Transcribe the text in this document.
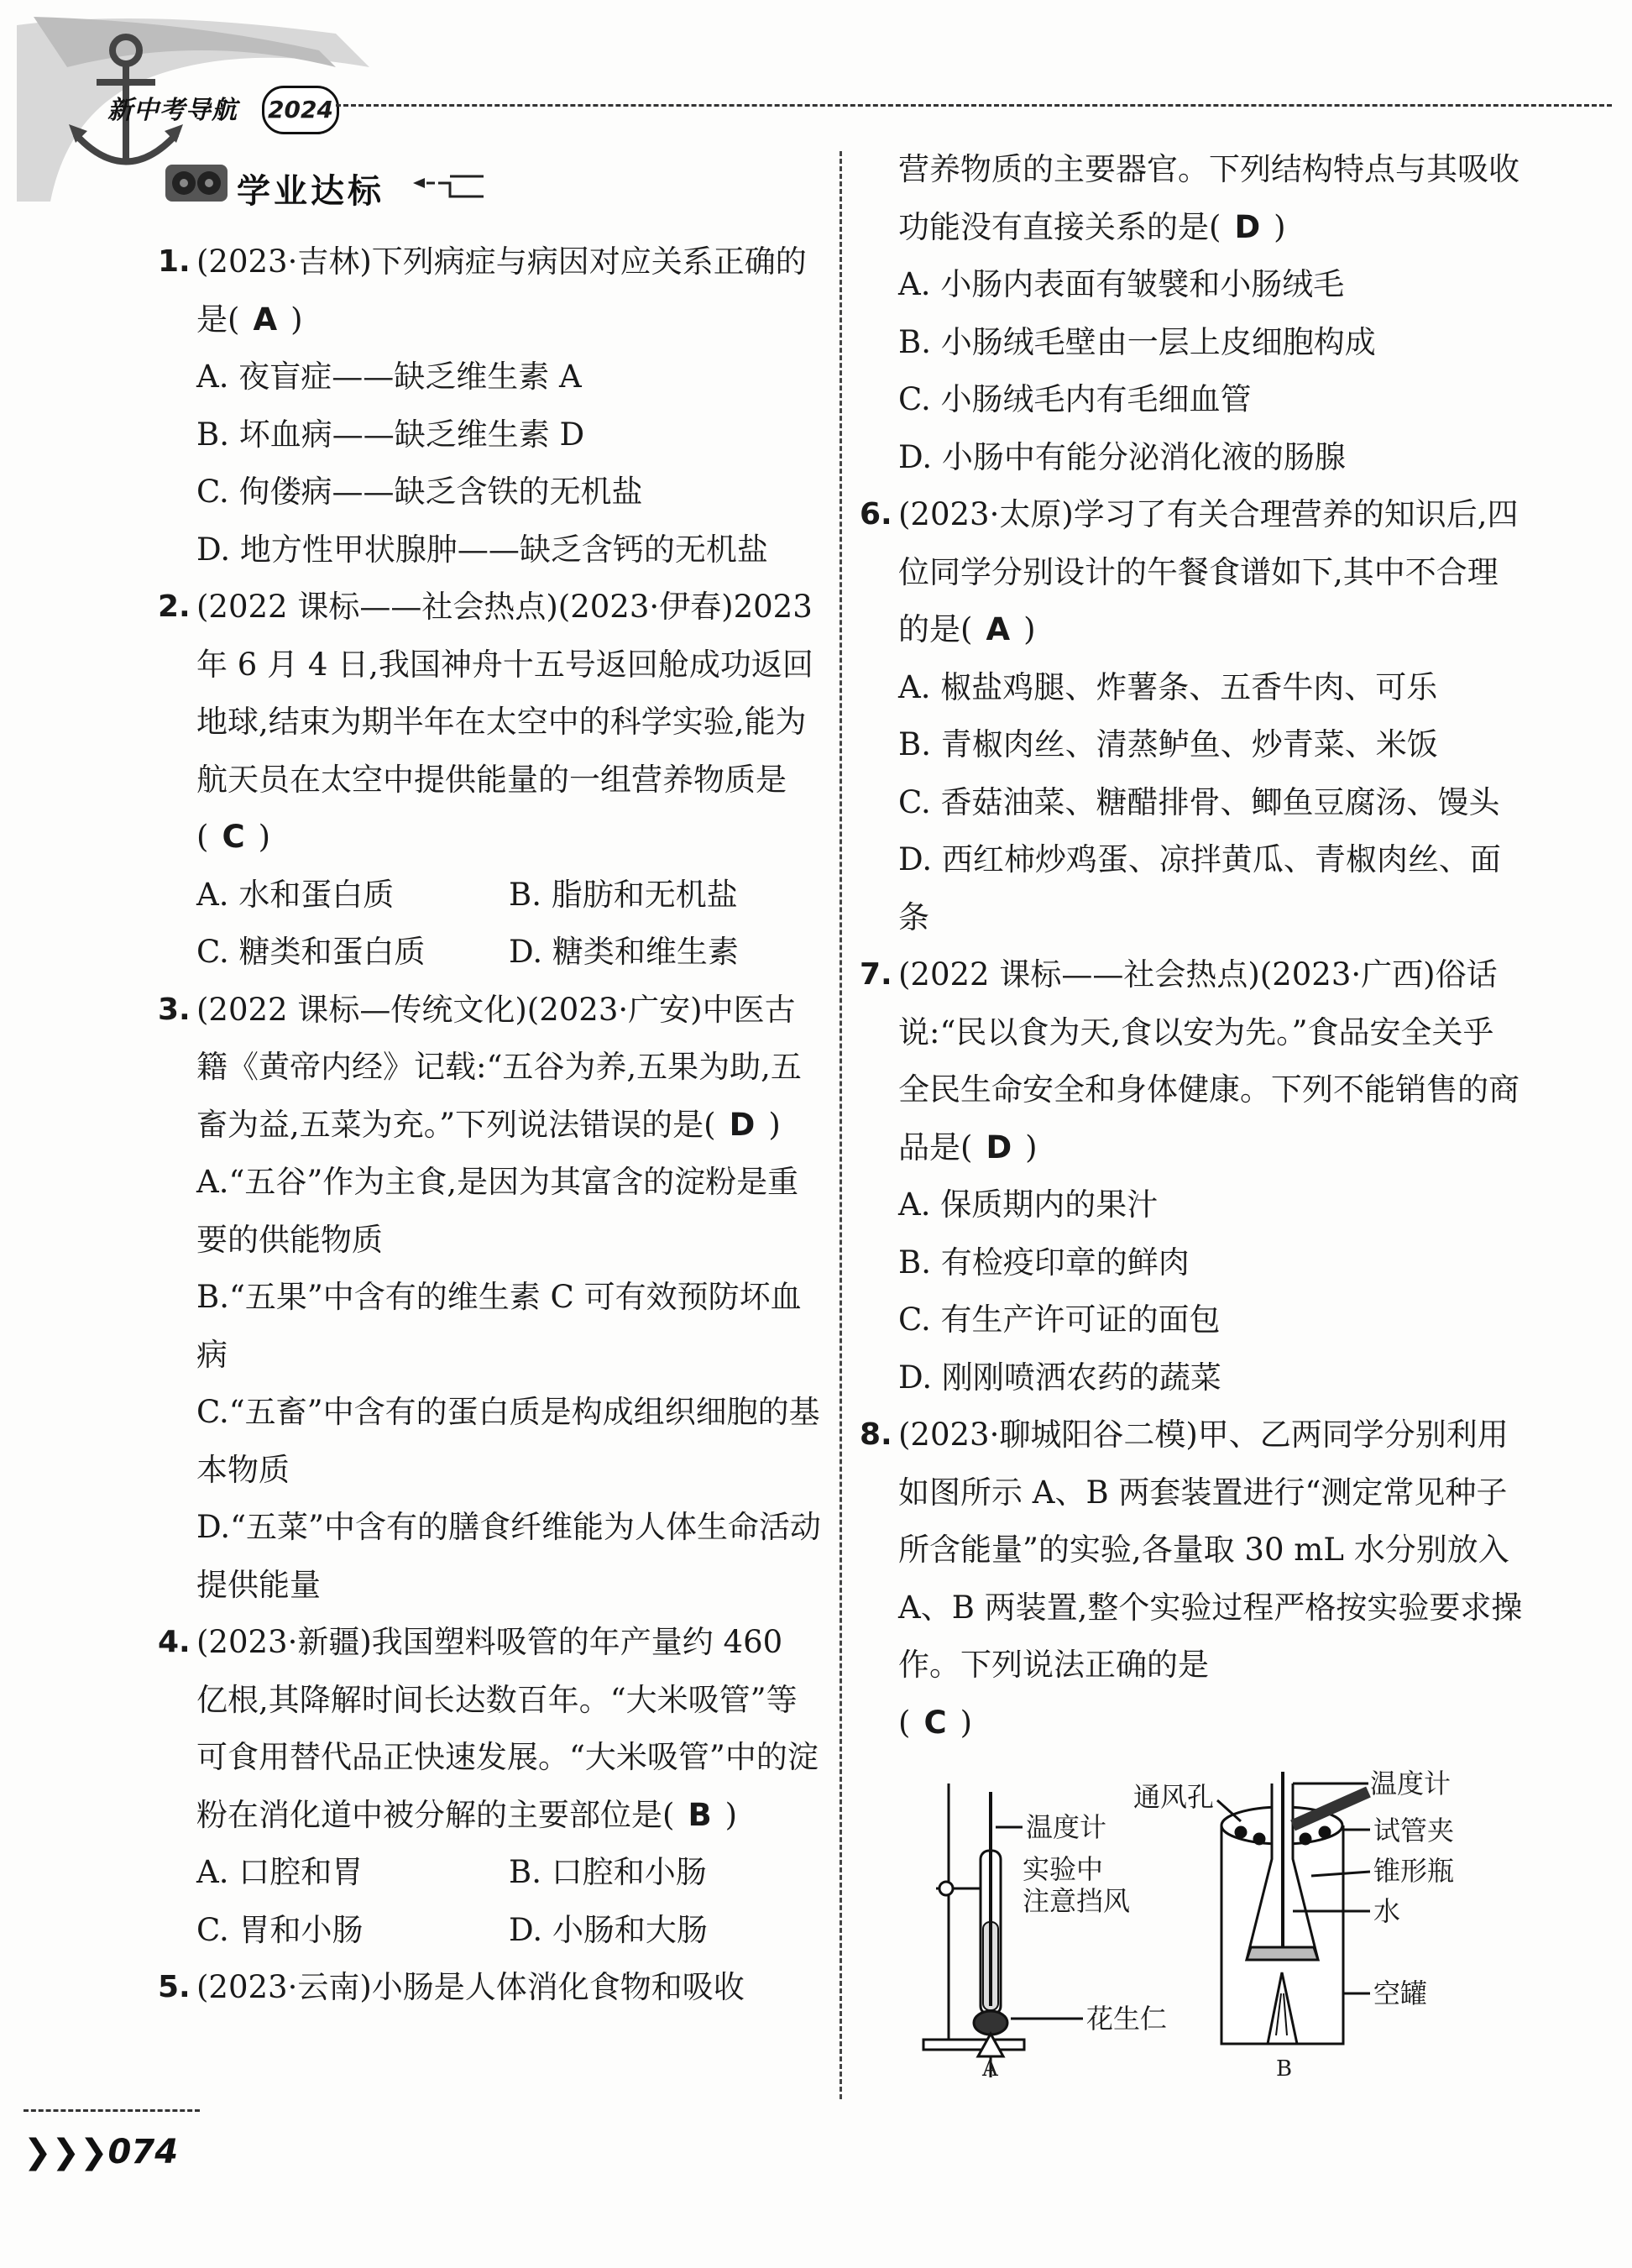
新中考导航 2024
学业达标
1. (2023·吉林)下列病症与病因对应关系正确的是( A )

A. 夜盲症——缺乏维生素 A

B. 坏血病——缺乏维生素 D

C. 佝偻病——缺乏含铁的无机盐

D. 地方性甲状腺肿——缺乏含钙的无机盐

2. (2022 课标——社会热点)(2023·伊春)2023 年 6 月 4 日,我国神舟十五号返回舱成功返回地球,结束为期半年在太空中的科学实验,能为航天员在太空中提供能量的一组营养物质是( C )

A. 水和蛋白质	B. 脂肪和无机盐

C. 糖类和蛋白质	D. 糖类和维生素

3. (2022 课标—传统文化)(2023·广安)中医古籍《黄帝内经》记载:“五谷为养,五果为助,五畜为益,五菜为充。”下列说法错误的是( D )

A.“五谷”作为主食,是因为其富含的淀粉是重要的供能物质

B.“五果”中含有的维生素 C 可有效预防坏血病

C.“五畜”中含有的蛋白质是构成组织细胞的基本物质

D.“五菜”中含有的膳食纤维能为人体生命活动提供能量

4. (2023·新疆)我国塑料吸管的年产量约 460 亿根,其降解时间长达数百年。“大米吸管”等可食用替代品正快速发展。“大米吸管”中的淀粉在消化道中被分解的主要部位是( B )

A. 口腔和胃	B. 口腔和小肠

C. 胃和小肠	D. 小肠和大肠

5. (2023·云南)小肠是人体消化食物和吸收

营养物质的主要器官。下列结构特点与其吸收功能没有直接关系的是( D )

A. 小肠内表面有皱襞和小肠绒毛

B. 小肠绒毛壁由一层上皮细胞构成

C. 小肠绒毛内有毛细血管

D. 小肠中有能分泌消化液的肠腺

6. (2023·太原)学习了有关合理营养的知识后,四位同学分别设计的午餐食谱如下,其中不合理的是( A )

A. 椒盐鸡腿、炸薯条、五香牛肉、可乐

B. 青椒肉丝、清蒸鲈鱼、炒青菜、米饭

C. 香菇油菜、糖醋排骨、鲫鱼豆腐汤、馒头

D. 西红柿炒鸡蛋、凉拌黄瓜、青椒肉丝、面条

7. (2022 课标——社会热点)(2023·广西)俗话说:“民以食为天,食以安为先。”食品安全关乎全民生命安全和身体健康。下列不能销售的商品是( D )

A. 保质期内的果汁

B. 有检疫印章的鲜肉

C. 有生产许可证的面包

D. 刚刚喷洒农药的蔬菜

8. (2023·聊城阳谷二模)甲、乙两同学分别利用如图所示 A、B 两套装置进行“测定常见种子所含能量”的实验,各量取 30 mL 水分别放入 A、B 两装置,整个实验过程严格按实验要求操作。下列说法正确的是

( C )

温度计
实验中
注意挡风
花生仁
A
通风孔	温度计
试管夹
锥形瓶
水
空罐
B
❯❯❯074
